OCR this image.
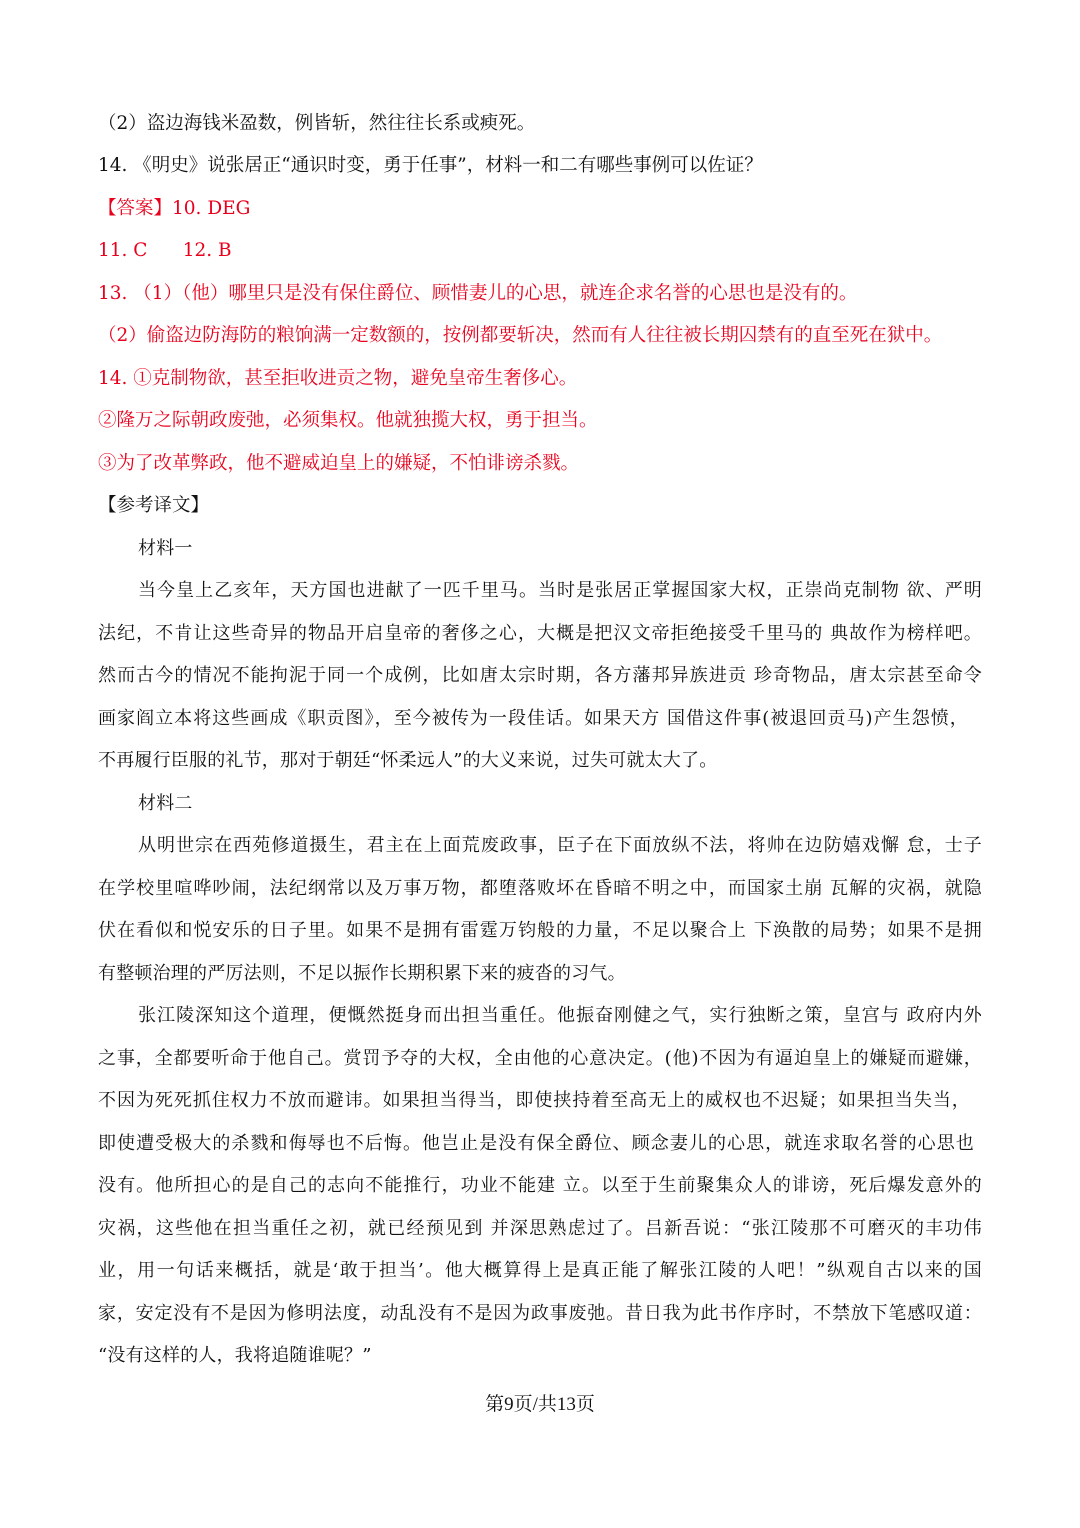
（2）盗边海钱米盈数，例皆斩，然往往长系或瘐死。
14. 《明史》说张居正“通识时变，勇于任事”，材料一和二有哪些事例可以佐证？
【答案】10. DEG
11. C      12. B
13. （1）（他）哪里只是没有保住爵位、顾惜妻儿的心思，就连企求名誉的心思也是没有的。
（2）偷盗边防海防的粮饷满一定数额的，按例都要斩决，然而有人往往被长期囚禁有的直至死在狱中。
14. ①克制物欲，甚至拒收进贡之物，避免皇帝生奢侈心。
②隆万之际朝政废弛，必须集权。他就独揽大权，勇于担当。
③为了改革弊政，他不避威迫皇上的嫌疑，不怕诽谤杀戮。
【参考译文】
材料一
当今皇上乙亥年，天方国也进献了一匹千里马。当时是张居正掌握国家大权，正崇尚克制物 欲、严明
法纪，不肯让这些奇异的物品开启皇帝的奢侈之心，大概是把汉文帝拒绝接受千里马的 典故作为榜样吧。
然而古今的情况不能拘泥于同一个成例，比如唐太宗时期，各方藩邦异族进贡 珍奇物品，唐太宗甚至命令
画家阎立本将这些画成《职贡图》，至今被传为一段佳话。如果天方 国借这件事(被退回贡马)产生怨愤，
不再履行臣服的礼节，那对于朝廷“怀柔远人”的大义来说，过失可就太大了。
材料二
从明世宗在西苑修道摄生，君主在上面荒废政事，臣子在下面放纵不法，将帅在边防嬉戏懈 怠，士子
在学校里喧哗吵闹，法纪纲常以及万事万物，都堕落败坏在昏暗不明之中，而国家土崩 瓦解的灾祸，就隐
伏在看似和悦安乐的日子里。如果不是拥有雷霆万钧般的力量，不足以聚合上 下涣散的局势；如果不是拥
有整顿治理的严厉法则，不足以振作长期积累下来的疲沓的习气。
张江陵深知这个道理，便慨然挺身而出担当重任。他振奋刚健之气，实行独断之策，皇宫与 政府内外
之事，全都要听命于他自己。赏罚予夺的大权，全由他的心意决定。(他)不因为有逼迫皇上的嫌疑而避嫌，
不因为死死抓住权力不放而避讳。如果担当得当，即使挟持着至高无上的威权也不迟疑；如果担当失当，
即使遭受极大的杀戮和侮辱也不后悔。他岂止是没有保全爵位、顾念妻儿的心思，就连求取名誉的心思也
没有。他所担心的是自己的志向不能推行，功业不能建 立。以至于生前聚集众人的诽谤，死后爆发意外的
灾祸，这些他在担当重任之初，就已经预见到 并深思熟虑过了。吕新吾说：“张江陵那不可磨灭的丰功伟
业，用一句话来概括，就是‘敢于担当’。他大概算得上是真正能了解张江陵的人吧！”纵观自古以来的国
家，安定没有不是因为修明法度，动乱没有不是因为政事废弛。昔日我为此书作序时，不禁放下笔感叹道：
“没有这样的人，我将追随谁呢？”
第9页/共13页
